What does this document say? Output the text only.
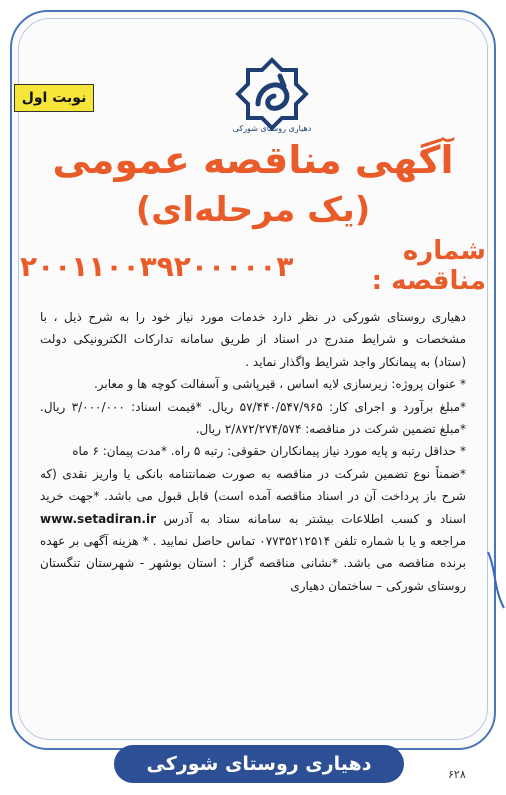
نوبت اول
دهیاری روستای شورکی
آگهی مناقصه عمومی
(یک مرحله‌ای)
شماره مناقصه :
۲۰۰۱۱۰۰۳۹۲۰۰۰۰۰۳

دهیاری روستای شورکی در نظر دارد خدمات مورد نیاز خود را به شرح ذیل ، با مشخصات و شرایط مندرج در اسناد از طریق سامانه تدارکات الکترونیکی دولت (ستاد) به پیمانکار واجد شرایط واگذار نماید .

* عنوان پروژه: زیرسازی لایه اساس ، قیرپاشی و آسفالت کوچه ها و معابر.

*مبلغ برآورد و اجرای کار: ۵۷/۴۴۰/۵۴۷/۹۶۵ ریال. *قیمت اسناد: ۳/۰۰۰/۰۰۰ ریال. *مبلغ تضمین شرکت در مناقصه: ۲/۸۷۲/۲۷۴/۵۷۴ ریال.

* حداقل رتبه و پایه مورد نیاز پیمانکاران حقوقی: رتبه ۵ راه. *مدت پیمان: ۶ ماه

*ضمناً نوع تضمین شرکت در مناقصه به صورت ضمانتنامه بانکی یا واریز نقدی (که شرح باز پرداخت آن در اسناد مناقصه آمده است) قابل قبول می باشد. *جهت خرید اسناد و کسب اطلاعات بیشتر به سامانه ستاد به آدرس www.setadiran.ir مراجعه و یا با شماره تلفن ۰۷۷۳۵۲۱۲۵۱۴ تماس حاصل نمایید . * هزینه آگهی بر عهده برنده مناقصه می باشد. *نشانی مناقصه گزار : استان بوشهر - شهرستان تنگستان روستای شورکی – ساختمان دهیاری

دهیاری روستای شورکی	۶۲۸
